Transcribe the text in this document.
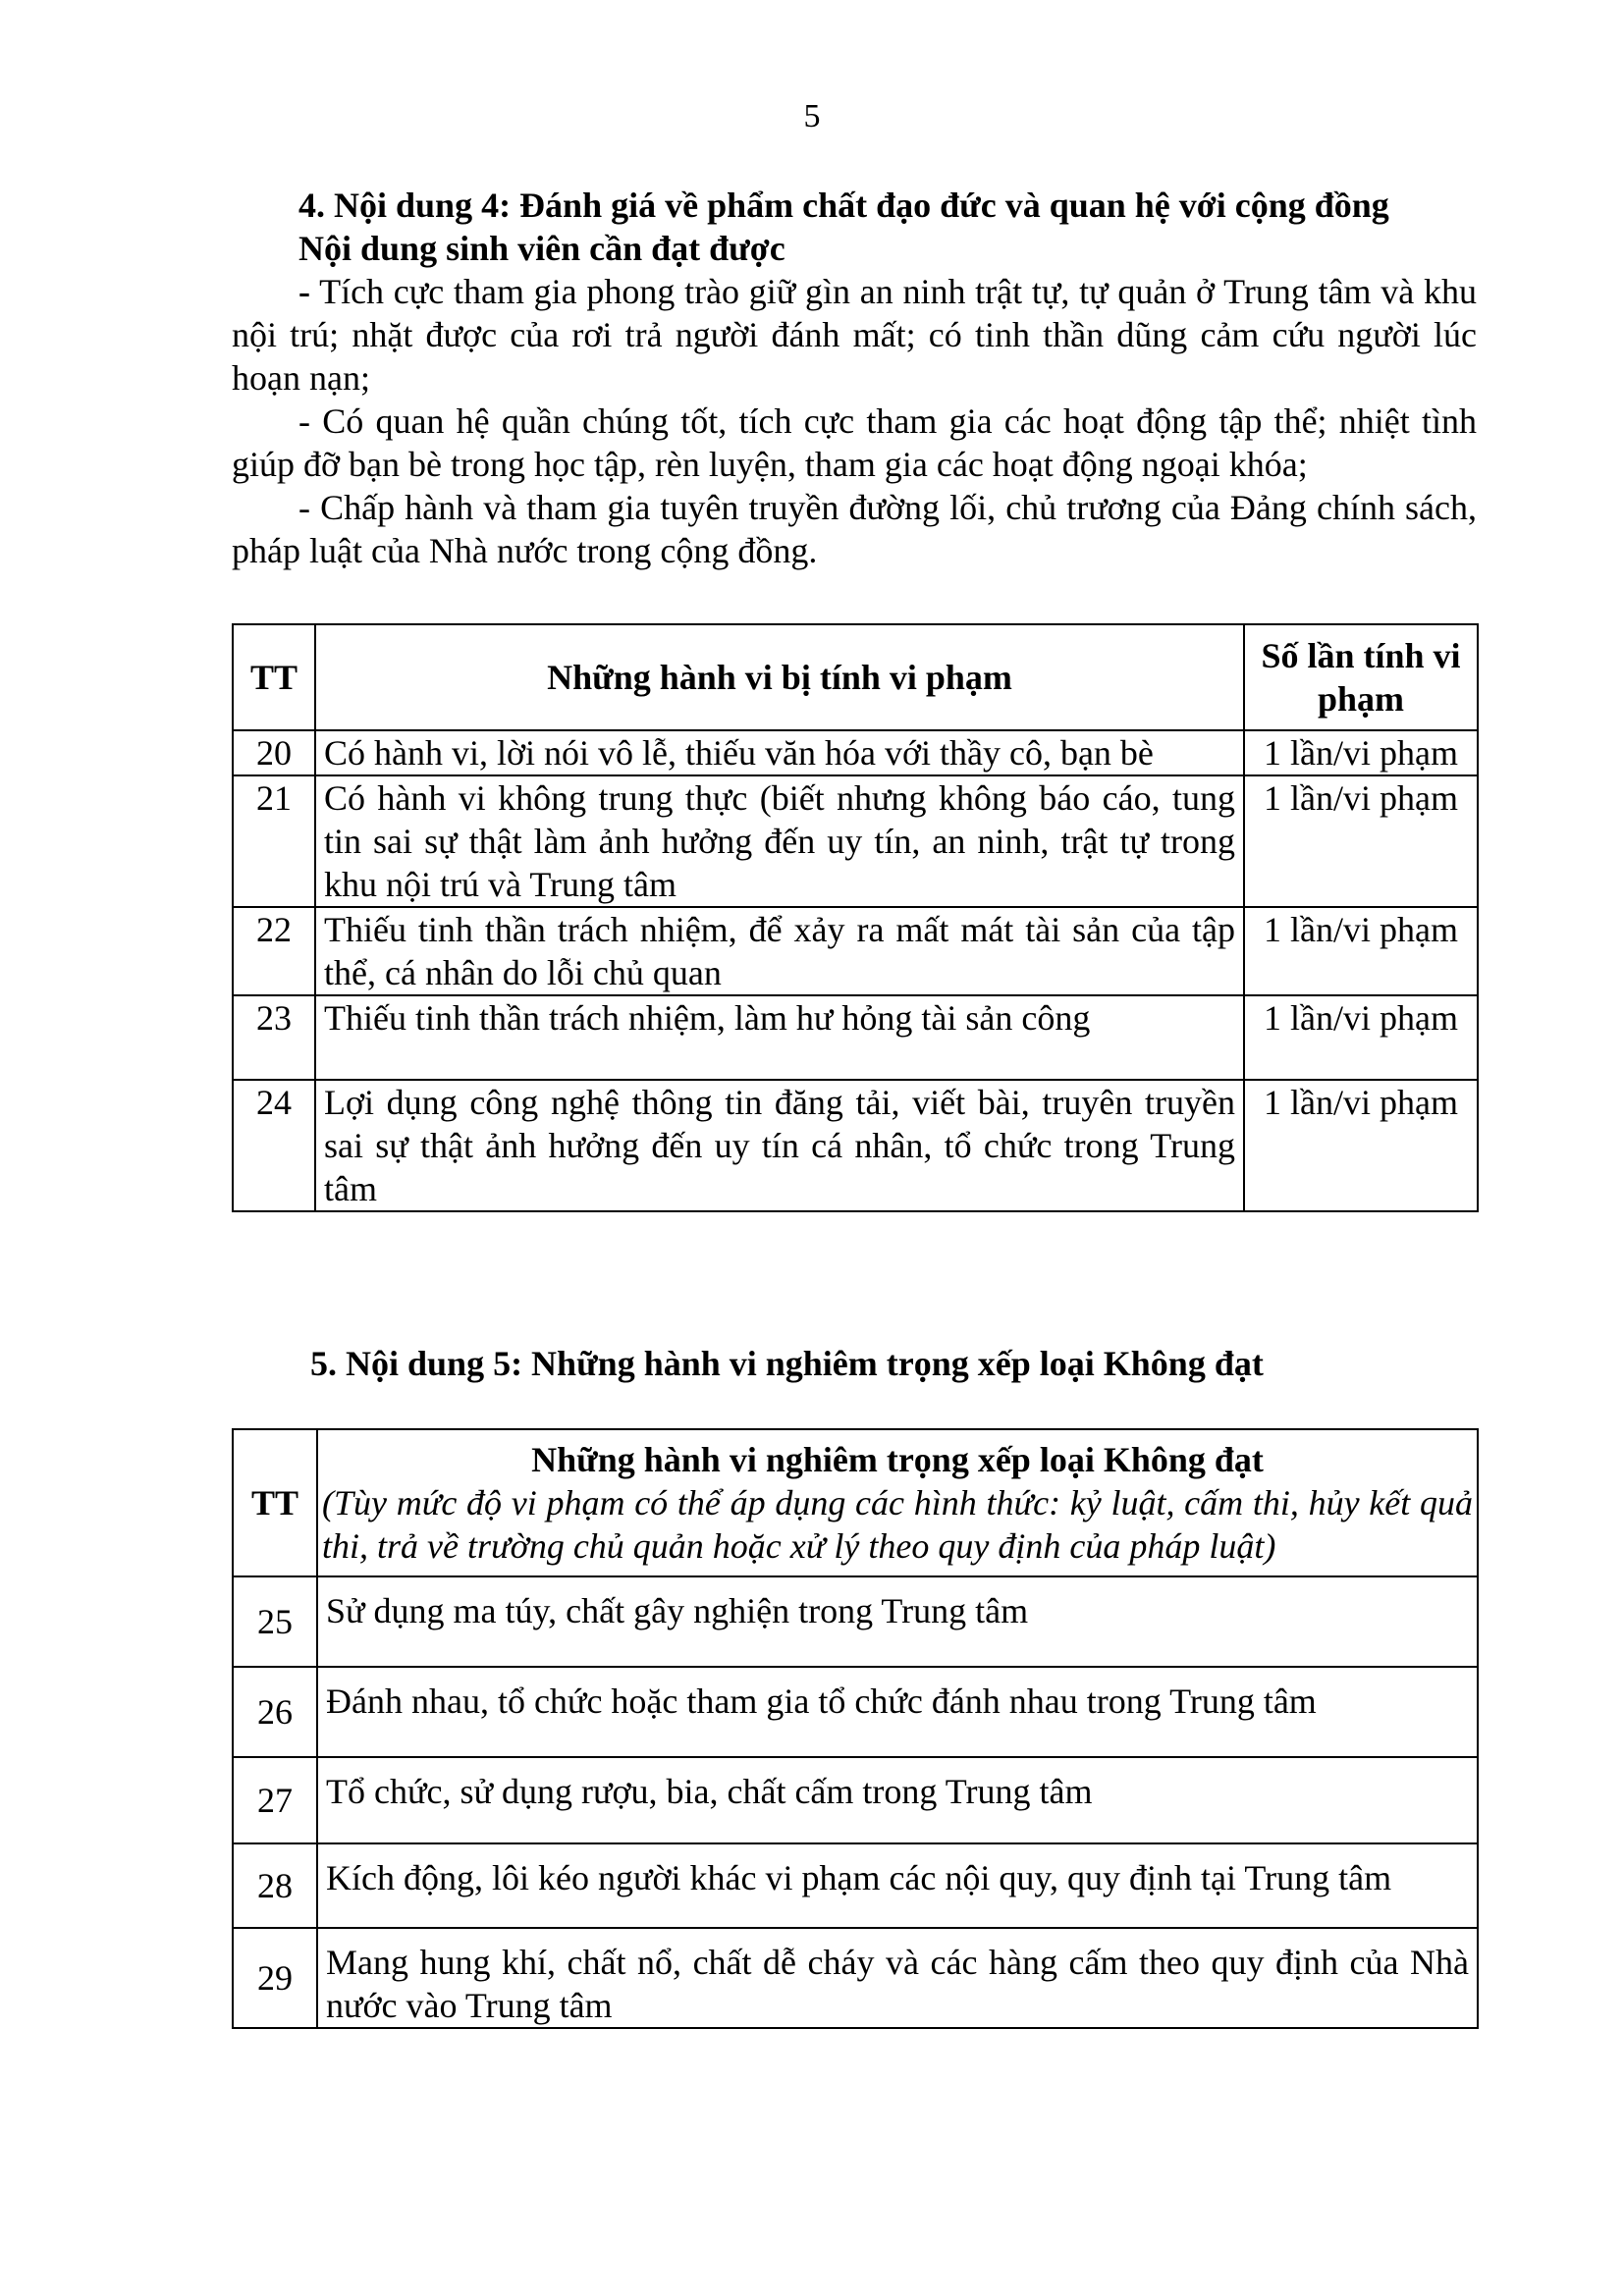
5
4. Nội dung 4: Đánh giá về phẩm chất đạo đức và quan hệ với cộng đồng
Nội dung sinh viên cần đạt được

- Tích cực tham gia phong trào giữ gìn an ninh trật tự, tự quản ở Trung tâm và khu nội trú; nhặt được của rơi trả người đánh mất; có tinh thần dũng cảm cứu người lúc hoạn nạn;

- Có quan hệ quần chúng tốt, tích cực tham gia các hoạt động tập thể; nhiệt tình giúp đỡ bạn bè trong học tập, rèn luyện, tham gia các hoạt động ngoại khóa;

- Chấp hành và tham gia tuyên truyền đường lối, chủ trương của Đảng chính sách, pháp luật của Nhà nước trong cộng đồng.

TT	Những hành vi bị tính vi phạm	Số lần tính vi phạm
20	Có hành vi, lời nói vô lễ, thiếu văn hóa với thầy cô, bạn bè	1 lần/vi phạm
21	Có hành vi không trung thực (biết nhưng không báo cáo, tung tin sai sự thật làm ảnh hưởng đến uy tín, an ninh, trật tự trong khu nội trú và Trung tâm	1 lần/vi phạm
22	Thiếu tinh thần trách nhiệm, để xảy ra mất mát tài sản của tập thể, cá nhân do lỗi chủ quan	1 lần/vi phạm
23	Thiếu tinh thần trách nhiệm, làm hư hỏng tài sản công	1 lần/vi phạm
24	Lợi dụng công nghệ thông tin đăng tải, viết bài, truyên truyền sai sự thật ảnh hưởng đến uy tín cá nhân, tổ chức trong Trung tâm	1 lần/vi phạm
5. Nội dung 5: Những hành vi nghiêm trọng xếp loại Không đạt
TT	Những hành vi nghiêm trọng xếp loại Không đạt
(Tùy mức độ vi phạm có thể áp dụng các hình thức: kỷ luật, cấm thi, hủy kết quả thi, trả về trường chủ quản hoặc xử lý theo quy định của pháp luật)

25	Sử dụng ma túy, chất gây nghiện trong Trung tâm
26	Đánh nhau, tổ chức hoặc tham gia tổ chức đánh nhau trong Trung tâm
27	Tổ chức, sử dụng rượu, bia, chất cấm trong Trung tâm
28	Kích động, lôi kéo người khác vi phạm các nội quy, quy định tại Trung tâm
29	Mang hung khí, chất nổ, chất dễ cháy và các hàng cấm theo quy định của Nhà nước vào Trung tâm
